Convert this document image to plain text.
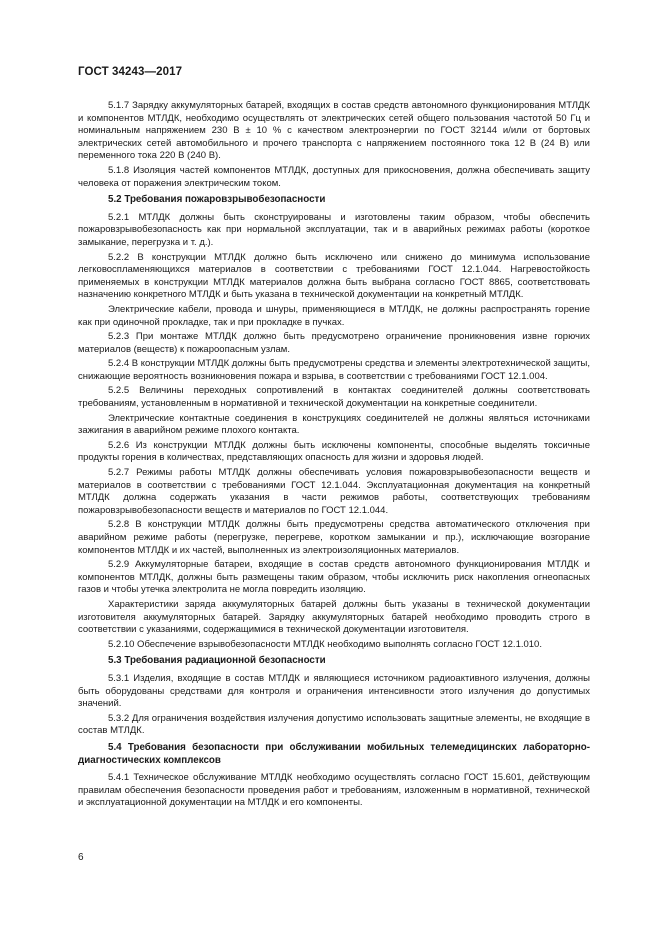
ГОСТ 34243—2017

5.1.7 Зарядку аккумуляторных батарей, входящих в состав средств автономного функционирования МТЛДК и компонентов МТЛДК, необходимо осуществлять от электрических сетей общего пользования частотой 50 Гц и номинальным напряжением 230 В ± 10 % с качеством электроэнергии по ГОСТ 32144 и/или от бортовых электрических сетей автомобильного и прочего транспорта с напряжением постоянного тока 12 В (24 В) или переменного тока 220 В (240 В).

5.1.8 Изоляция частей компонентов МТЛДК, доступных для прикосновения, должна обеспечивать защиту человека от поражения электрическим током.

5.2 Требования пожаровзрывобезопасности

5.2.1 МТЛДК должны быть сконструированы и изготовлены таким образом, чтобы обеспечить пожаровзрывобезопасность как при нормальной эксплуатации, так и в аварийных режимах работы (короткое замыкание, перегрузка и т. д.).

5.2.2 В конструкции МТЛДК должно быть исключено или снижено до минимума использование легковоспламеняющихся материалов в соответствии с требованиями ГОСТ 12.1.044. Нагревостойкость применяемых в конструкции МТЛДК материалов должна быть выбрана согласно ГОСТ 8865, соответствовать назначению конкретного МТЛДК и быть указана в технической документации на конкретный МТЛДК.

Электрические кабели, провода и шнуры, применяющиеся в МТЛДК, не должны распространять горение как при одиночной прокладке, так и при прокладке в пучках.

5.2.3 При монтаже МТЛДК должно быть предусмотрено ограничение проникновения извне горючих материалов (веществ) к пожароопасным узлам.

5.2.4 В конструкции МТЛДК должны быть предусмотрены средства и элементы электротехнической защиты, снижающие вероятность возникновения пожара и взрыва, в соответствии с требованиями ГОСТ 12.1.004.

5.2.5 Величины переходных сопротивлений в контактах соединителей должны соответствовать требованиям, установленным в нормативной и технической документации на конкретные соединители.

Электрические контактные соединения в конструкциях соединителей не должны являться источниками зажигания в аварийном режиме плохого контакта.

5.2.6 Из конструкции МТЛДК должны быть исключены компоненты, способные выделять токсичные продукты горения в количествах, представляющих опасность для жизни и здоровья людей.

5.2.7 Режимы работы МТЛДК должны обеспечивать условия пожаровзрывобезопасности веществ и материалов в соответствии с требованиями ГОСТ 12.1.044. Эксплуатационная документация на конкретный МТЛДК должна содержать указания в части режимов работы, соответствующих требованиям пожаровзрывобезопасности веществ и материалов по ГОСТ 12.1.044.

5.2.8 В конструкции МТЛДК должны быть предусмотрены средства автоматического отключения при аварийном режиме работы (перегрузке, перегреве, коротком замыкании и пр.), исключающие возгорание компонентов МТЛДК и их частей, выполненных из электроизоляционных материалов.

5.2.9 Аккумуляторные батареи, входящие в состав средств автономного функционирования МТЛДК и компонентов МТЛДК, должны быть размещены таким образом, чтобы исключить риск накопления огнеопасных газов и чтобы утечка электролита не могла повредить изоляцию.

Характеристики заряда аккумуляторных батарей должны быть указаны в технической документации изготовителя аккумуляторных батарей. Зарядку аккумуляторных батарей необходимо проводить строго в соответствии с указаниями, содержащимися в технической документации изготовителя.

5.2.10 Обеспечение взрывобезопасности МТЛДК необходимо выполнять согласно ГОСТ 12.1.010.

5.3 Требования радиационной безопасности

5.3.1 Изделия, входящие в состав МТЛДК и являющиеся источником радиоактивного излучения, должны быть оборудованы средствами для контроля и ограничения интенсивности этого излучения до допустимых значений.

5.3.2 Для ограничения воздействия излучения допустимо использовать защитные элементы, не входящие в состав МТЛДК.

5.4 Требования безопасности при обслуживании мобильных телемедицинских лабораторно-диагностических комплексов

5.4.1 Техническое обслуживание МТЛДК необходимо осуществлять согласно ГОСТ 15.601, действующим правилам обеспечения безопасности проведения работ и требованиям, изложенным в нормативной, технической и эксплуатационной документации на МТЛДК и его компоненты.

6
